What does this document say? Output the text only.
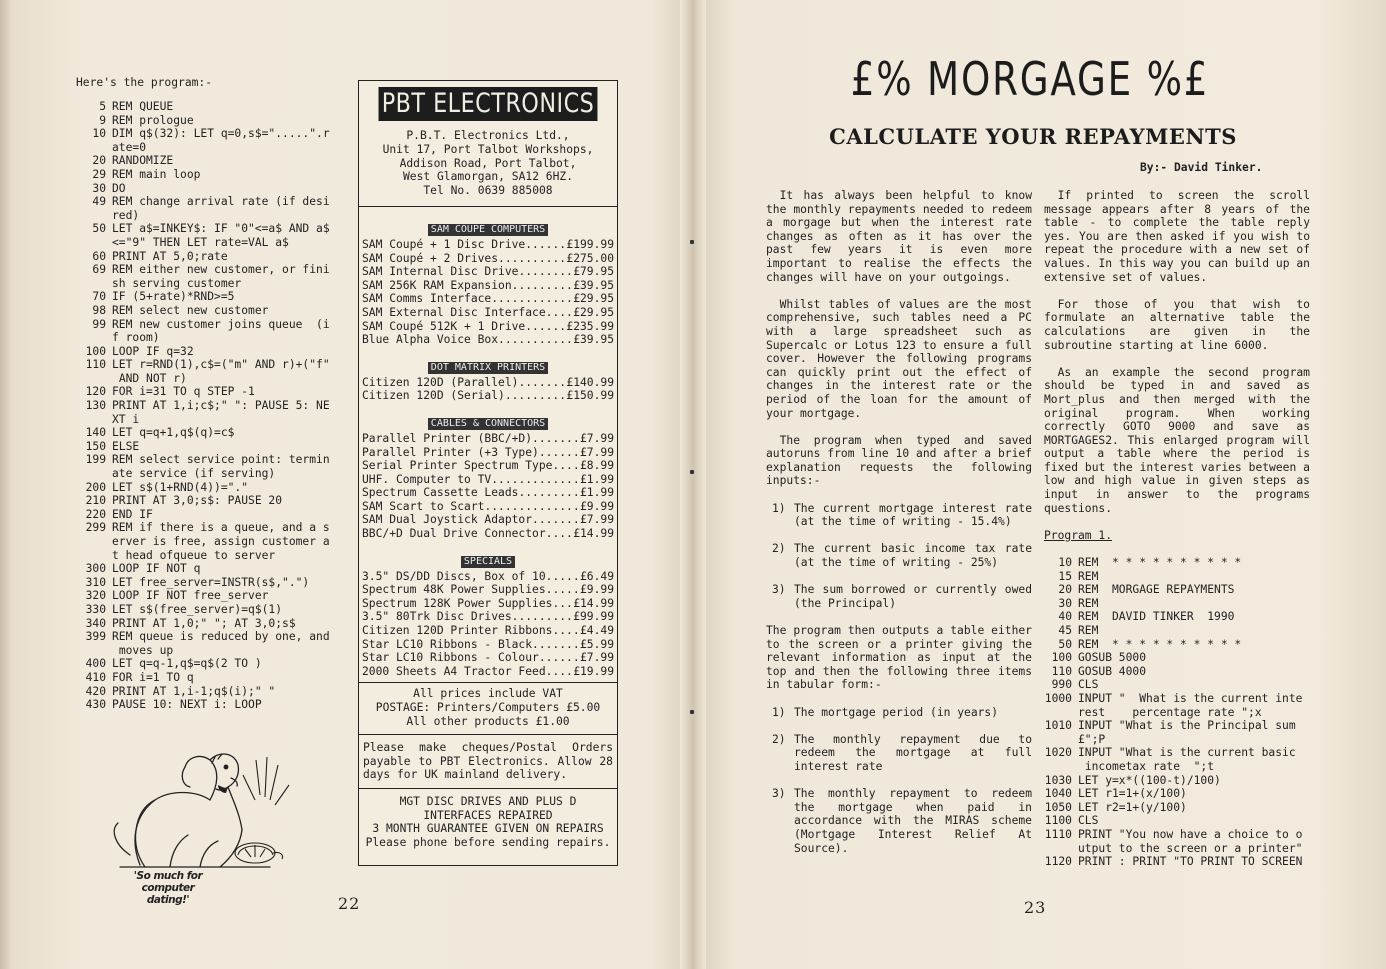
Here's the program:-
5 REM QUEUE
9 REM prologue
10 DIM q$(32): LET q=0,s$=".....".r
ate=0
20 RANDOMIZE
29 REM main loop
30 DO
49 REM change arrival rate (if desi
red)
50 LET a$=INKEY$: IF "0"<=a$ AND a$
<="9" THEN LET rate=VAL a$
60 PRINT AT 5,0;rate
69 REM either new customer, or fini
sh serving customer
70 IF (5+rate)*RND>=5
98 REM select new customer
99 REM new customer joins queue  (i
f room)
100 LOOP IF q=32
110 LET r=RND(1),c$=("m" AND r)+("f"
AND NOT r)
120 FOR i=31 TO q STEP -1
130 PRINT AT 1,i;c$;" ": PAUSE 5: NE
XT i
140 LET q=q+1,q$(q)=c$
150 ELSE
199 REM select service point: termin
ate service (if serving)
200 LET s$(1+RND(4))="."
210 PRINT AT 3,0;s$: PAUSE 20
220 END IF
299 REM if there is a queue, and a s
erver is free, assign customer a
t head ofqueue to server
300 LOOP IF NOT q
310 LET free_server=INSTR(s$,".")
320 LOOP IF NOT free_server
330 LET s$(free_server)=q$(1)
340 PRINT AT 1,0;" "; AT 3,0;s$
399 REM queue is reduced by one, and
moves up
400 LET q=q-1,q$=q$(2 TO )
410 FOR i=1 TO q
420 PRINT AT 1,i-1;q$(i);" "
430 PAUSE 10: NEXT i: LOOP
PBT ELECTRONICS
P.B.T. Electronics Ltd.,
Unit 17, Port Talbot Workshops,
Addison Road, Port Talbot,
West Glamorgan, SA12 6HZ.
Tel No. 0639 885008
SAM COUPE COMPUTERS
SAM Coupé + 1 Disc Drive .....	£199.99
SAM Coupé + 2 Drives .....	£275.00
SAM Internal Disc Drive .....	£79.95
SAM 256K RAM Expansion .....	£39.95
SAM Comms Interface .....	£29.95
SAM External Disc Interface .....	£29.95
SAM Coupé 512K + 1 Drive .....	£235.99
Blue Alpha Voice Box .....	£39.95
DOT MATRIX PRINTERS
Citizen 120D (Parallel) .....	£140.99
Citizen 120D (Serial) .....	£150.99
CABLES & CONNECTORS
Parallel Printer (BBC/+D) .....	£7.99
Parallel Printer (+3 Type) .....	£7.99
Serial Printer Spectrum Type .....	£8.99
UHF. Computer to TV .....	£1.99
Spectrum Cassette Leads .....	£1.99
SAM Scart to Scart .....	£9.99
SAM Dual Joystick Adaptor .....	£7.99
BBC/+D Dual Drive Connector .....	£14.99
SPECIALS
3.5" DS/DD Discs, Box of 10 .....	£6.49
Spectrum 48K Power Supplies .....	£9.99
Spectrum 128K Power Supplies .....	£14.99
3.5" 80Trk Disc Drives .....	£99.99
Citizen 120D Printer Ribbons .....	£4.49
Star LC10 Ribbons - Black .....	£5.99
Star LC10 Ribbons - Colour .....	£7.99
2000 Sheets A4 Tractor Feed .....	£19.99
All prices include VAT
POSTAGE: Printers/Computers £5.00
All other products £1.00
Please make cheques/Postal Orders payable to PBT Electronics. Allow 28 days for UK mainland delivery.
MGT DISC DRIVES AND PLUS D
INTERFACES REPAIRED
3 MONTH GUARANTEE GIVEN ON REPAIRS
Please phone before sending repairs.
'So much for computer dating!'	22
£% MORGAGE %£
CALCULATE YOUR REPAYMENTS
By:- David Tinker.

It has always been helpful to know the monthly repayments needed to redeem a morgage but when the interest rate changes as often as it has over the past few years it is even more important to realise the effects the changes will have on your outgoings.

Whilst tables of values are the most comprehensive, such tables need a PC with a large spreadsheet such as Supercalc or Lotus 123 to ensure a full cover. However the following programs can quickly print out the effect of changes in the interest rate or the period of the loan for the amount of your mortgage.

The program when typed and saved autoruns from line 10 and after a brief explanation requests the following inputs:-

1) The current mortgage interest rate (at the time of writing - 15.4%)
2) The current basic income tax rate (at the time of writing - 25%)
3) The sum borrowed or currently owed (the Principal)

The program then outputs a table either to the screen or a printer giving the relevant information as input at the top and then the following three items in tabular form:-

1) The mortgage period (in years)
2) The monthly repayment due to redeem the mortgage at full interest rate
3) The monthly repayment to redeem the mortgage when paid in accordance with the MIRAS scheme (Mortgage Interest Relief At Source).

If printed to screen the scroll message appears after 8 years of the table - to complete the table reply yes. You are then asked if you wish to repeat the procedure with a new set of values. In this way you can build up an extensive set of values.

For those of you that wish to formulate an alternative table the calculations are given in the subroutine starting at line 6000.

As an example the second program should be typed in and saved as Mort_plus and then merged with the original program. When working correctly GOTO 9000 and save as MORTGAGES2. This enlarged program will output a table where the period is fixed but the interest varies between a low and high value in given steps as input in answer to the programs questions.

Program 1.
10 REM  * * * * * * * * * *
15 REM
20 REM  MORGAGE REPAYMENTS
30 REM
40 REM  DAVID TINKER  1990
45 REM
50 REM  * * * * * * * * * *
100 GOSUB 5000
110 GOSUB 4000
990 CLS
1000 INPUT "  What is the current inte
rest    percentage rate ";x
1010 INPUT "What is the Principal sum
£";P
1020 INPUT "What is the current basic
incometax rate  ";t
1030 LET y=x*((100-t)/100)
1040 LET r1=1+(x/100)
1050 LET r2=1+(y/100)
1100 CLS
1110 PRINT "You now have a choice to o
utput to the screen or a printer"
1120 PRINT : PRINT "TO PRINT TO SCREEN
23
